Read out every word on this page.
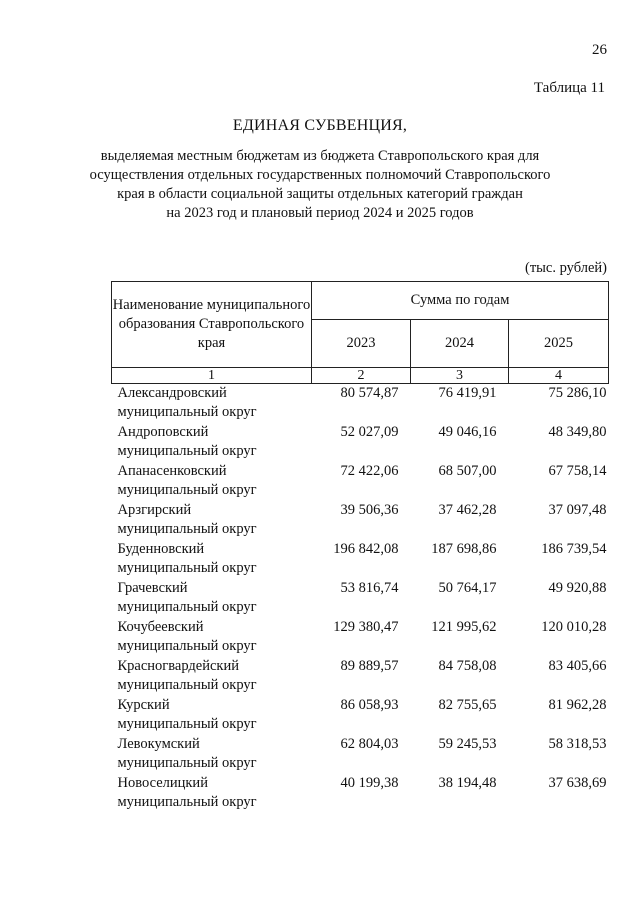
26
Таблица 11
ЕДИНАЯ СУБВЕНЦИЯ,
выделяемая местным бюджетам из бюджета Ставропольского края для
осуществления отдельных государственных полномочий Ставропольского
края в области социальной защиты отдельных категорий граждан
на 2023 год и плановый период 2024 и 2025 годов
(тыс. рублей)
Наименование муниципального образования Ставропольского края	Сумма по годам		
	2023	2024	2025
1	2	3	4

Александровский
муниципальный округ	80 574,87	76 419,91	75 286,10

Андроповский
муниципальный округ	52 027,09	49 046,16	48 349,80

Апанасенковский
муниципальный округ	72 422,06	68 507,00	67 758,14

Арзгирский
муниципальный округ	39 506,36	37 462,28	37 097,48

Буденновский
муниципальный округ	196 842,08	187 698,86	186 739,54

Грачевский
муниципальный округ	53 816,74	50 764,17	49 920,88

Кочубеевский
муниципальный округ	129 380,47	121 995,62	120 010,28

Красногвардейский
муниципальный округ	89 889,57	84 758,08	83 405,66

Курский
муниципальный округ	86 058,93	82 755,65	81 962,28

Левокумский
муниципальный округ	62 804,03	59 245,53	58 318,53

Новоселицкий
муниципальный округ	40 199,38	38 194,48	37 638,69
